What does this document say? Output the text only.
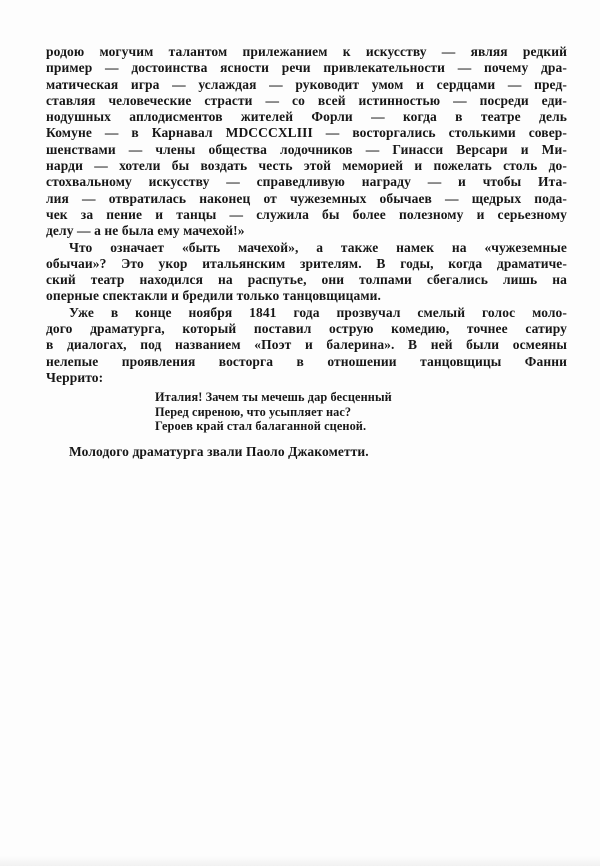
родою могучим талантом прилежанием к искусству — являя редкий
пример — достоинства ясности речи привлекательности — почему дра-
матическая игра — услаждая — руководит умом и сердцами — пред-
ставляя человеческие страсти — со всей истинностью — посреди еди-
нодушных аплодисментов жителей Форли — когда в театре дель
Комуне — в Карнавал MDCCCXLIII — восторгались столькими совер-
шенствами — члены общества лодочников — Гинасси Версари и Ми-
нарди — хотели бы воздать честь этой меморией и пожелать столь до-
стохвальному искусству — справедливую награду — и чтобы Ита-
лия — отвратилась наконец от чужеземных обычаев — щедрых пода-
чек за пение и танцы — служила бы более полезному и серьезному
делу — а не была ему мачехой!»
Что означает «быть мачехой», а также намек на «чужеземные
обычаи»? Это укор итальянским зрителям. В годы, когда драматиче-
ский театр находился на распутье, они толпами сбегались лишь на
оперные спектакли и бредили только танцовщицами.
Уже в конце ноября 1841 года прозвучал смелый голос моло-
дого драматурга, который поставил острую комедию, точнее сатиру
в диалогах, под названием «Поэт и балерина». В ней были осмеяны
нелепые проявления восторга в отношении танцовщицы Фанни
Черрито:
Италия! Зачем ты мечешь дар бесценный
Перед сиреною, что усыпляет нас?
Героев край стал балаганной сценой.
Молодого драматурга звали Паоло Джакометти.
